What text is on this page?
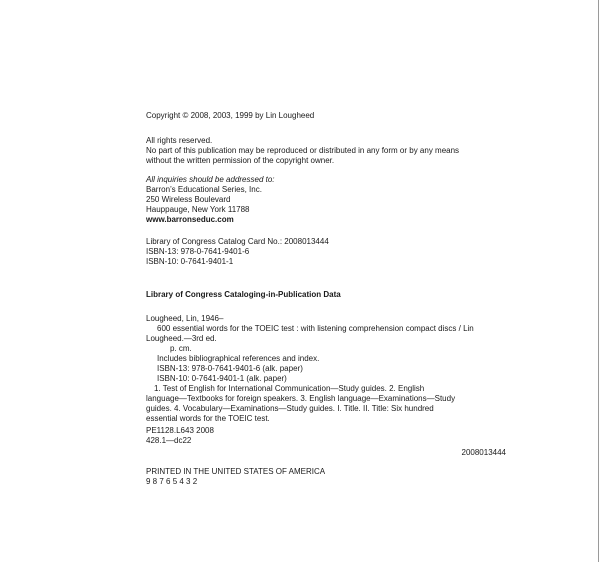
Copyright © 2008, 2003, 1999 by Lin Lougheed
All rights reserved.
No part of this publication may be reproduced or distributed in any form or by any means
without the written permission of the copyright owner.
All inquiries should be addressed to:
Barron’s Educational Series, Inc.
250 Wireless Boulevard
Hauppauge, New York 11788
www.barronseduc.com
Library of Congress Catalog Card No.: 2008013444
ISBN-13: 978-0-7641-9401-6
ISBN-10: 0-7641-9401-1
Library of Congress Cataloging-in-Publication Data
Lougheed, Lin, 1946–
600 essential words for the TOEIC test : with listening comprehension compact discs / Lin
Lougheed.—3rd ed.
p. cm.
Includes bibliographical references and index.
ISBN-13: 978-0-7641-9401-6 (alk. paper)
ISBN-10: 0-7641-9401-1 (alk. paper)
1. Test of English for International Communication—Study guides. 2. English
language—Textbooks for foreign speakers. 3. English language—Examinations—Study
guides. 4. Vocabulary—Examinations—Study guides. I. Title. II. Title: Six hundred
essential words for the TOEIC test.
PE1128.L643 2008
428.1—dc22
2008013444
PRINTED IN THE UNITED STATES OF AMERICA
9 8 7 6 5 4 3 2
